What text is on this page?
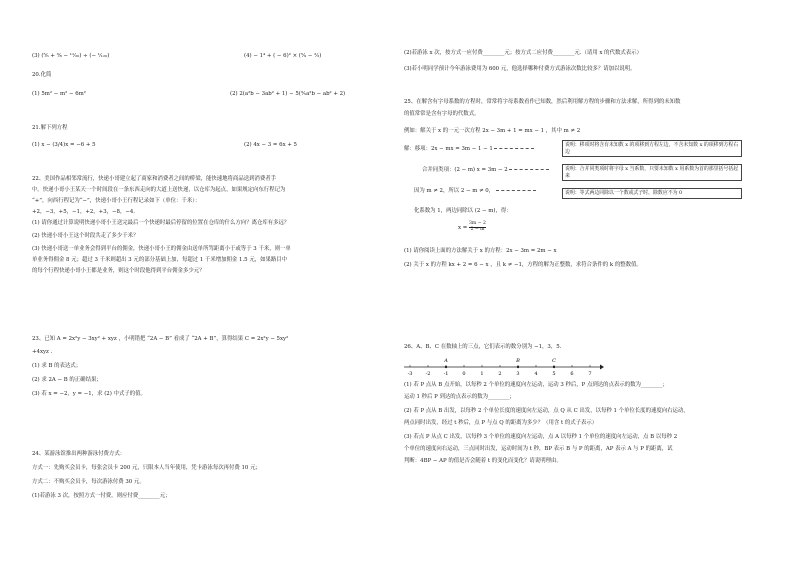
(3) (⁵⁄₆ + ³⁄₈ − ¹¹⁄₂₀) ÷ (− ¹⁄₁₂₀)	(4) − 1⁴ + ( − 6)² × (⁵⁄₉ − ²⁄₃)
20.化简
(1) 5m² − m² − 6m²	(2) 2(a²b − 3ab² + 1) − 5(³⁄₅a²b − ab² + 2)
21.解下列方程
(1) x − (3/4)x = −6 + 5	(2) 4x − 3 = 6x + 5
22、美国作品相邻常流行，快递小哥建立起了商家和消费者之间的桥梁，能快速地将商品送到消费者手
中。快递小哥小王某天一个时间段在一条东西走向的大道上送快递，以仓库为起点，如果规定向东行程记为
“+”，向西行程记为“−”，快递小哥小王行程记录如下（单位：千米）：
+2，−3，+5，−1，+2，+3，−8，−4.
(1) 请你通过计算说明快递小哥小王送完最后一个快递时最后停留的位置在仓库的什么方向？离仓库有多远？
(2) 快递小哥小王这个时段共走了多少千米？
(3) 快递小哥送一单业务会得到平台的佣金，快递小哥小王的佣金由送单所驾距离小于或等于 3 千米，则一单
单业务得佣金 8 元；超过 3 千米则超出 3 元的部分基础上加，每超过 1 千米增加佣金 1.5 元，如果路目中
的每个行程快递小哥小王都是业务，则这个时段他得到平台佣金多少元？
23、已知 A = 2x²y − 3xy² + xyz ，小明错把 “2A − B” 看成了 “2A + B”，算得结果 C = 2x²y − 5xy²
+4xyz .
(1) 求 B 的表达式；
(2) 求 2A − B 的正确结果；
(3) 若 x = −2，y = −1，求 (2) 中式子的值。
24、某游泳馆推出两种游泳付费方式：
方式一：先购买会员卡，每张会员卡 200 元，只限本人当年使用，凭卡游泳每次再付费 10 元；
方式二：不购买会员卡，每次游泳付费 30 元。
(1)若游泳 3 次，按照方式一付费，则应付费________元；
(2)若游泳 x 次，按方式一应付费________元；按方式二应付费________元.（请用 x 的代数式表示）
(3)若小明同学预计今年游泳费用为 600 元，他选择哪种付费方式游泳次数比较多？请加以说明。
25、在解含有字母系数的方程时，常常将字母系数看作已知数，然后利用解方程的步骤和方法求解，所得到的未知数
的值常常是含有字母的代数式。
例如：解关于 x 的一元一次方程 2x − 3m + 1 = mx − 1 ，其中 m ≠ 2
解：移项：2x − mx = 3m − 1 − 1
合并同类项：(2 − m) x = 3m − 2
因为 m ≠ 2，所以 2 − m ≠ 0，
化系数为 1，两边同除以 (2 − m)，得：
$x = \frac{3m - 2}{2 - m}$
说明：移项时将含有未知数 x 的项移到方程左边，不含未知数 x 的项移到方程右边
说明：合并同类项时将字母 x 当系数，只要未知数 x 用系数为首的那里括号括起来
说明：等式两边同除以一个数或式子时，除数应不为 0
(1) 请你阅读上面的方法解关于 x 的方程：2x − 3m = 2m − x
(2) 关于 x 的方程 kx + 2 = 6 − x ，且 k ≠ −1，方程的解为正整数，求符合条件的 k 的整数值。
26、A、B、C 在数轴上的三点，它们表示的数分别为 −1，3，5.
-3	-2	-1	0	1	2	3	4	5	6	7
A	B	C
(1) 若 P 点从 B 点开始，以每秒 2 个单位的速度向左运动，运动 3 秒后，P 点到达的点表示的数为________；
运动 1 秒后 P 到达的点表示的数为________；
(2) 若 P 点从 B 出发，以每秒 2 个单位长度的速度向左运动，点 Q 从 C 出发，以每秒 1 个单位长度的速度向右运动，
两点同时出发，经过 t 秒后，点 P 与点 Q 的距离为多少？（用含 t 的式子表示）
(3) 若点 P 从点 C 出发，以每秒 3 个单位的速度向左运动，点 A 以每秒 1 个单位的速度向左运动，点 B 以每秒 2
个单位的速度向右运动，三点同时出发，运动时间为 t 秒，BP 表示 B 与 P 的距离，AP 表示 A 与 P 的距离，试
判断：4BP − AP 的值是否会随着 t 的变化而变化？请说明理由。
